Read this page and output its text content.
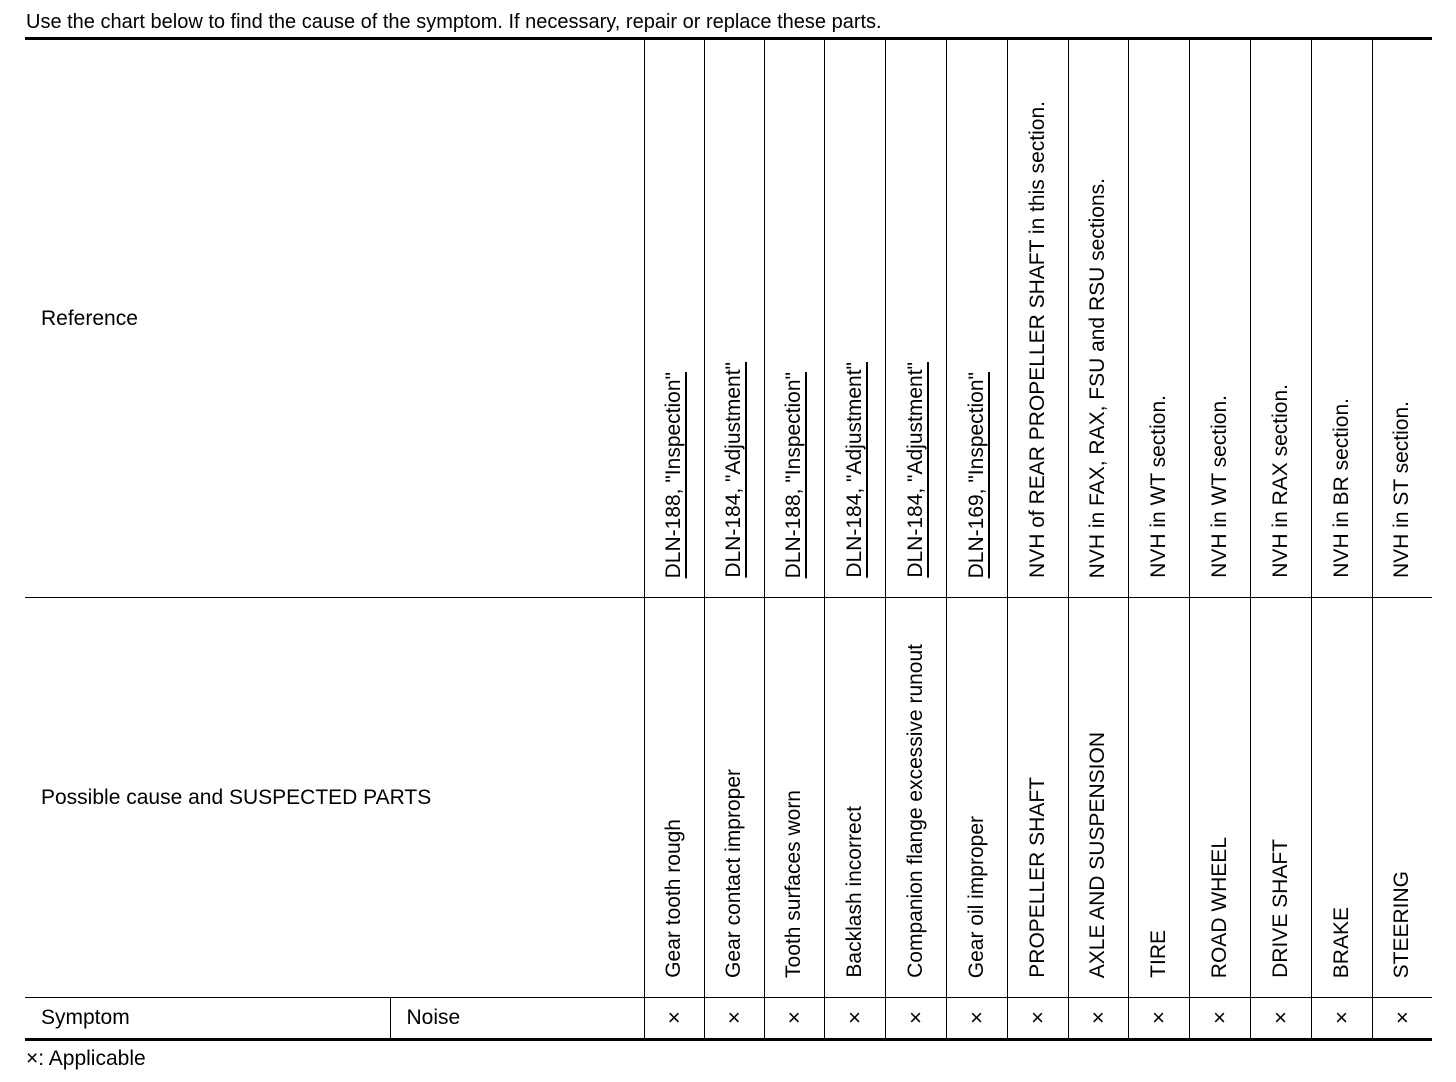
Use the chart below to find the cause of the symptom. If necessary, repair or replace these parts.
Reference		DLN-188, "Inspection"	DLN-184, "Adjustment"	DLN-188, "Inspection"	DLN-184, "Adjustment"	DLN-184, "Adjustment"	DLN-169, "Inspection"	NVH of REAR PROPELLER SHAFT in this section.	NVH in FAX, RAX, FSU and RSU sections.	NVH in WT section.	NVH in WT section.	NVH in RAX section.	NVH in BR section.	NVH in ST section.
Possible cause and SUSPECTED PARTS		Gear tooth rough	Gear contact improper	Tooth surfaces worn	Backlash incorrect	Companion flange excessive runout	Gear oil improper	PROPELLER SHAFT	AXLE AND SUSPENSION	TIRE	ROAD WHEEL	DRIVE SHAFT	BRAKE	STEERING
Symptom	Noise	×	×	×	×	×	×	×	×	×	×	×	×	×
×: Applicable
